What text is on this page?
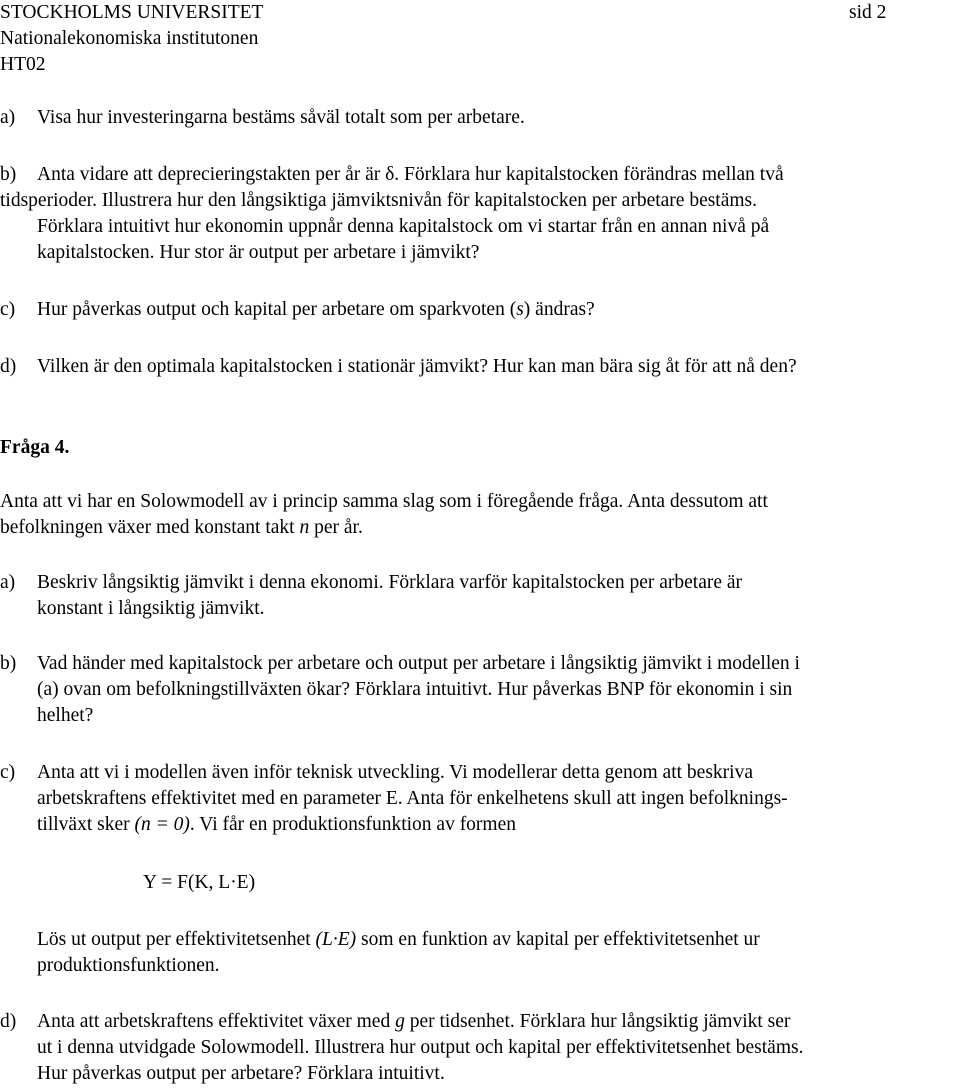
STOCKHOLMS UNIVERSITET
Nationalekonomiska institutonen
HT02
sid 2
a) Visa hur investeringarna bestäms såväl totalt som per arbetare.
b) Anta vidare att deprecieringstakten per år är δ. Förklara hur kapitalstocken förändras mellan två
tidsperioder. Illustrera hur den långsiktiga jämviktsnivån för kapitalstocken per arbetare bestäms.
Förklara intuitivt hur ekonomin uppnår denna kapitalstock om vi startar från en annan nivå på
kapitalstocken. Hur stor är output per arbetare i jämvikt?
c) Hur påverkas output och kapital per arbetare om sparkvoten (s) ändras?
d) Vilken är den optimala kapitalstocken i stationär jämvikt? Hur kan man bära sig åt för att nå den?
Fråga 4.
Anta att vi har en Solowmodell av i princip samma slag som i föregående fråga. Anta dessutom att
befolkningen växer med konstant takt n per år.
a) Beskriv långsiktig jämvikt i denna ekonomi. Förklara varför kapitalstocken per arbetare är
konstant i långsiktig jämvikt.
b) Vad händer med kapitalstock per arbetare och output per arbetare i långsiktig jämvikt i modellen i
(a) ovan om befolkningstillväxten ökar? Förklara intuitivt. Hur påverkas BNP för ekonomin i sin
helhet?
c) Anta att vi i modellen även inför teknisk utveckling. Vi modellerar detta genom att beskriva
arbetskraftens effektivitet med en parameter E. Anta för enkelhetens skull att ingen befolknings-
tillväxt sker (n = 0). Vi får en produktionsfunktion av formen
Y = F(K, L·E)
Lös ut output per effektivitetsenhet (L·E) som en funktion av kapital per effektivitetsenhet ur
produktionsfunktionen.
d) Anta att arbetskraftens effektivitet växer med g per tidsenhet. Förklara hur långsiktig jämvikt ser
ut i denna utvidgade Solowmodell. Illustrera hur output och kapital per effektivitetsenhet bestäms.
Hur påverkas output per arbetare? Förklara intuitivt.
